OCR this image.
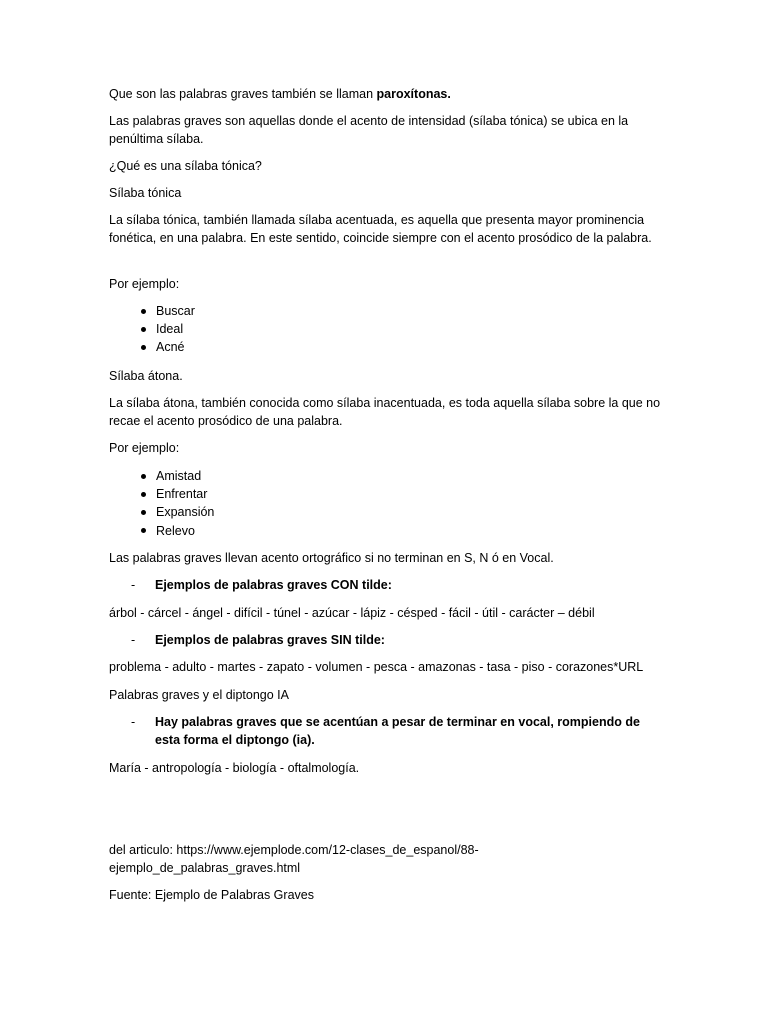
Que son las palabras graves también se llaman paroxítonas.

Las palabras graves son aquellas donde el acento de intensidad (sílaba tónica) se ubica en la penúltima sílaba.

¿Qué es una sílaba tónica?

Sílaba tónica

La sílaba tónica, también llamada sílaba acentuada, es aquella que presenta mayor prominencia fonética, en una palabra. En este sentido, coincide siempre con el acento prosódico de la palabra.

Por ejemplo:

Buscar
Ideal
Acné

Sílaba átona.

La sílaba átona, también conocida como sílaba inacentuada, es toda aquella sílaba sobre la que no recae el acento prosódico de una palabra.

Por ejemplo:

Amistad
Enfrentar
Expansión
Relevo

Las palabras graves llevan acento ortográfico si no terminan en S, N ó en Vocal.

- Ejemplos de palabras graves CON tilde:

árbol - cárcel - ángel - difícil - túnel - azúcar - lápiz - césped - fácil - útil - carácter – débil

- Ejemplos de palabras graves SIN tilde:

problema - adulto - martes - zapato - volumen - pesca - amazonas - tasa - piso - corazones*URL

Palabras graves y el diptongo IA

- Hay palabras graves que se acentúan a pesar de terminar en vocal, rompiendo de esta forma el diptongo (ia).

María - antropología - biología - oftalmología.

del articulo: https://www.ejemplode.com/12-clases_de_espanol/88-ejemplo_de_palabras_graves.html

Fuente: Ejemplo de Palabras Graves
